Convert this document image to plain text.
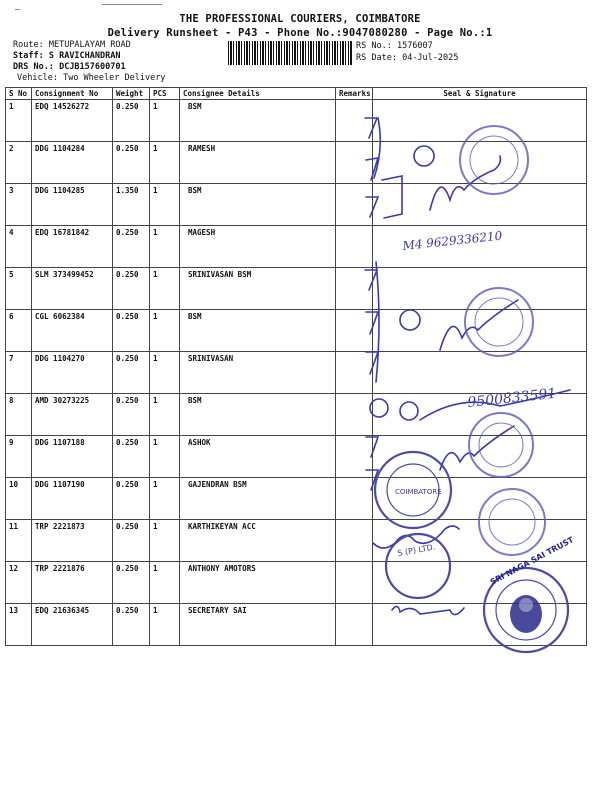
THE PROFESSIONAL COURIERS, COIMBATORE
Delivery Runsheet - P43 - Phone No.:9047080280 - Page No.:1
Route: METUPALAYAM ROAD
Staff: S RAVICHANDRAN
DRS No.: DCJB157600701
Vehicle: Two Wheeler Delivery
RS No.: 1576007
RS Date: 04-Jul-2025
S No	Consignment No	Weight	PCS	Consignee Details	Remarks	Seal & Signature
1	EDQ 14526272	0.250	1	BSM		
2	DDG 1104284	0.250	1	RAMESH		
3	DDG 1104285	1.350	1	BSM		
4	EDQ 16781842	0.250	1	MAGESH		
5	SLM 373499452	0.250	1	SRINIVASAN BSM		
6	CGL 6062384	0.250	1	BSM		
7	DDG 1104270	0.250	1	SRINIVASAN		
8	AMD 30273225	0.250	1	BSM		
9	DDG 1107188	0.250	1	ASHOK		
10	DDG 1107190	0.250	1	GAJENDRAN BSM		
11	TRP 2221873	0.250	1	KARTHIKEYAN ACC		
12	TRP 2221876	0.250	1	ANTHONY AMOTORS		
13	EDQ 21636345	0.250	1	SECRETARY SAI		
M4 9629336210
9500833591
COIMBATORE
S (P) LTD.	SRI NAGA SAI TRUST
